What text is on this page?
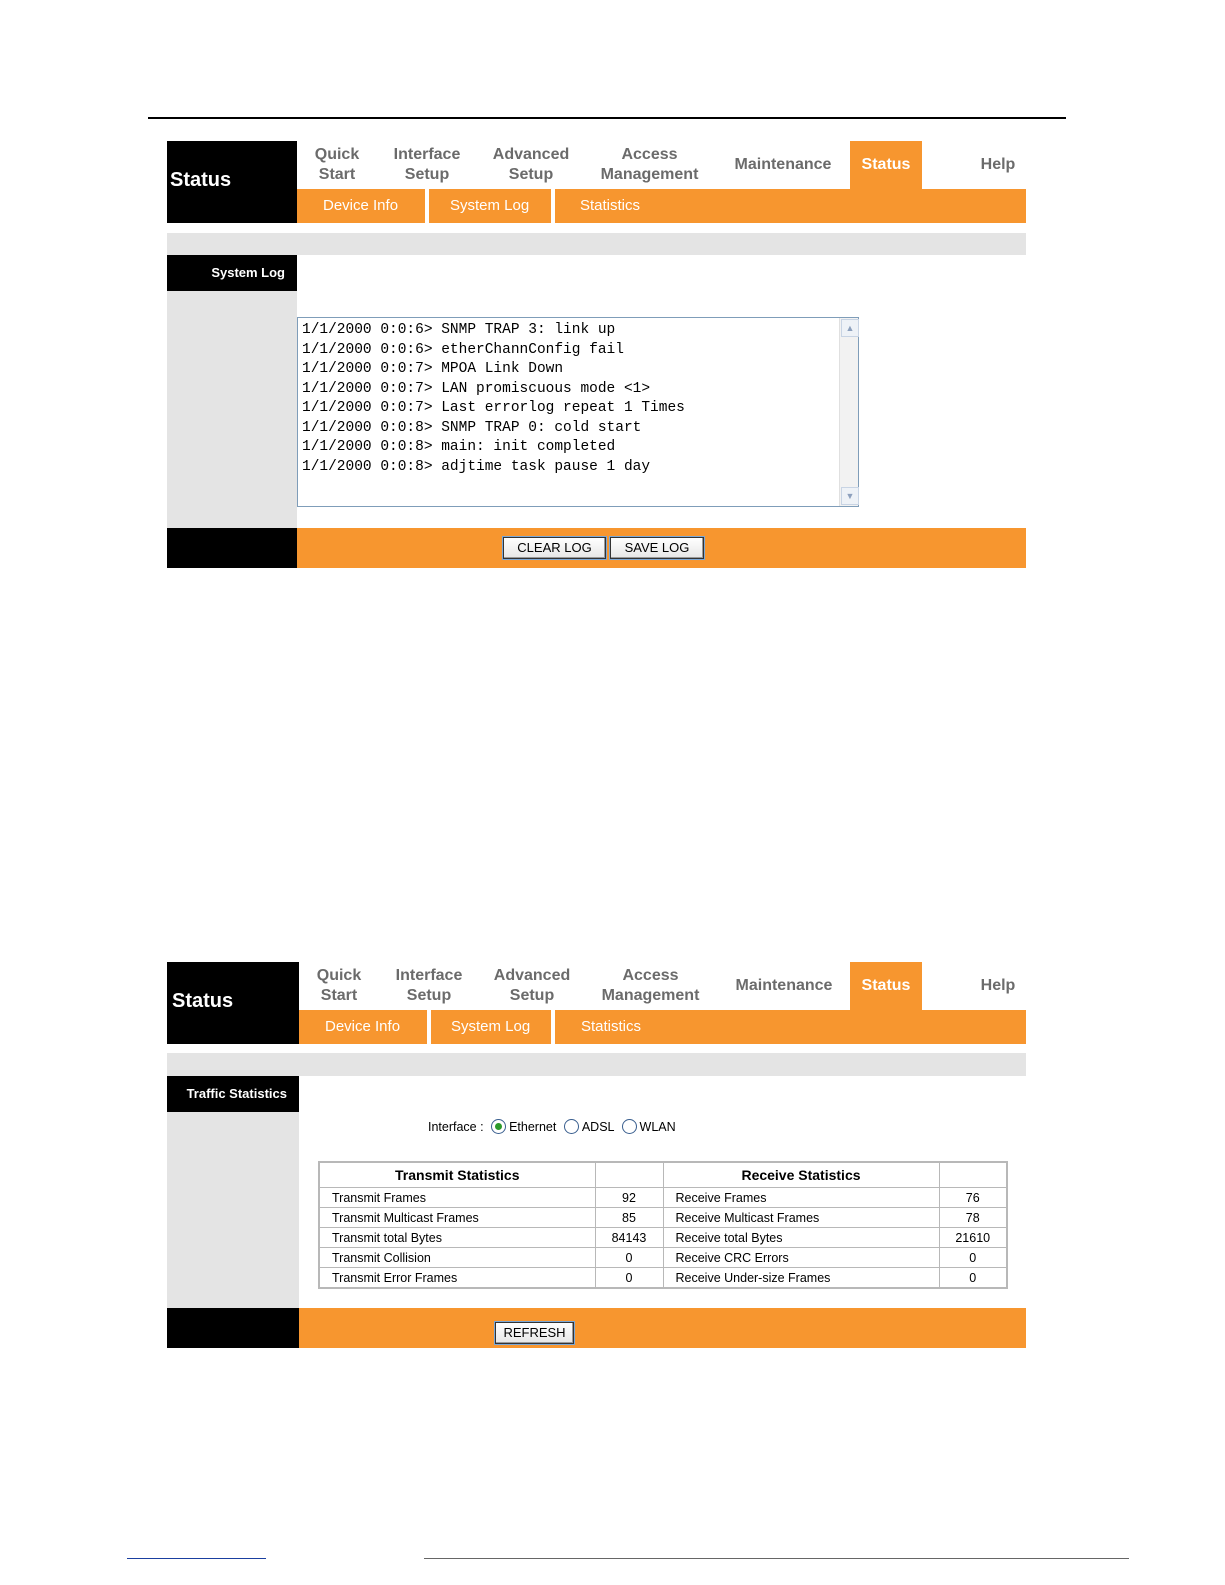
Status
Quick
Start
Interface
Setup
Advanced
Setup
Access
Management
Maintenance Status	Help
Device Info	System Log	Statistics
System Log
1/1/2000 0:0:6> SNMP TRAP 3: link up
1/1/2000 0:0:6> etherChannConfig fail
1/1/2000 0:0:7> MPOA Link Down
1/1/2000 0:0:7> LAN promiscuous mode <1>
1/1/2000 0:0:7> Last errorlog repeat 1 Times
1/1/2000 0:0:8> SNMP TRAP 0: cold start
1/1/2000 0:0:8> main: init completed
1/1/2000 0:0:8> adjtime task pause 1 day
▲
▼
CLEAR LOG	SAVE LOG
Status
Quick
Start
Interface
Setup
Advanced
Setup
Access
Management
Maintenance Status	Help
Device Info	System Log	Statistics
Traffic Statistics
Interface : Ethernet ADSL WLAN
Transmit Statistics		Receive Statistics	
Transmit Frames	92	Receive Frames	76
Transmit Multicast Frames	85	Receive Multicast Frames	78
Transmit total Bytes	84143	Receive total Bytes	21610
Transmit Collision	0	Receive CRC Errors	0
Transmit Error Frames	0	Receive Under-size Frames	0
REFRESH
